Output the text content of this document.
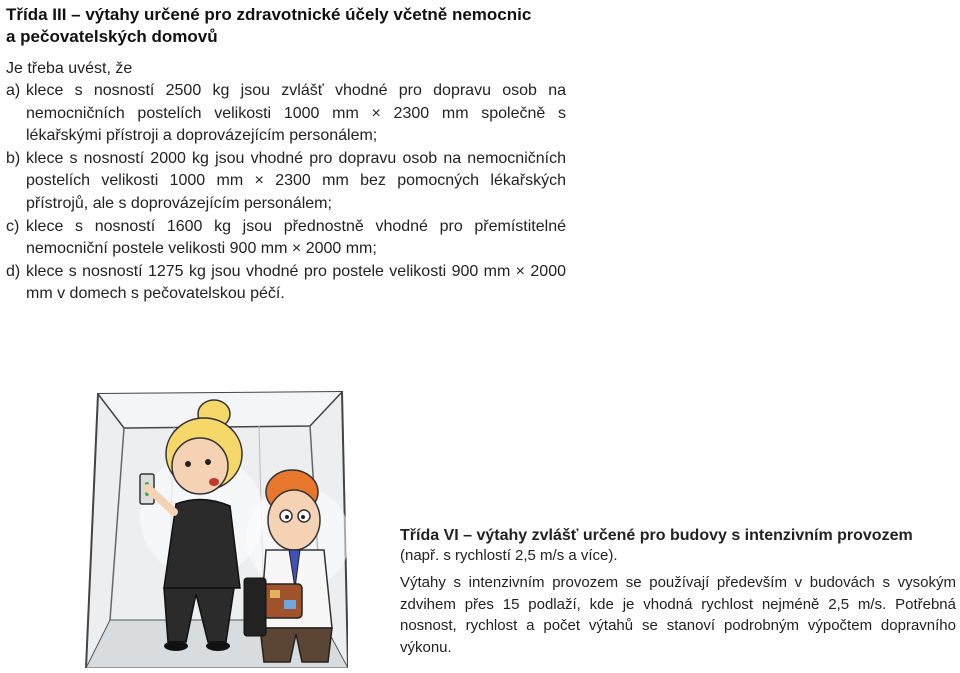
Třída III – výtahy určené pro zdravotnické účely včetně nemocnic
a pečovatelských domovů
Je třeba uvést, že
a) klece s nosností 2500 kg jsou zvlášť vhodné pro dopravu osob na nemocničních postelích velikosti 1000 mm × 2300 mm společně s lékařskými přístroji a doprovázejícím personálem;
b) klece s nosností 2000 kg jsou vhodné pro dopravu osob na nemocničních postelích velikosti 1000 mm × 2300 mm bez pomocných lékařských přístrojů, ale s doprovázejícím personálem;
c) klece s nosností 1600 kg jsou přednostně vhodné pro přemístitelné nemocniční postele velikosti 900 mm × 2000 mm;
d) klece s nosností 1275 kg jsou vhodné pro postele velikosti 900 mm × 2000 mm v domech s pečovatelskou péčí.
Třída VI – výtahy zvlášť určené pro budovy s intenzivním provozem
(např. s rychlostí 2,5 m/s a více).
Výtahy s intenzivním provozem se používají především v budovách s vysokým zdvihem přes 15 podlaží, kde je vhodná rychlost nejméně 2,5 m/s. Potřebná nosnost, rychlost a počet výtahů se stanoví podrobným výpočtem dopravního výkonu.
